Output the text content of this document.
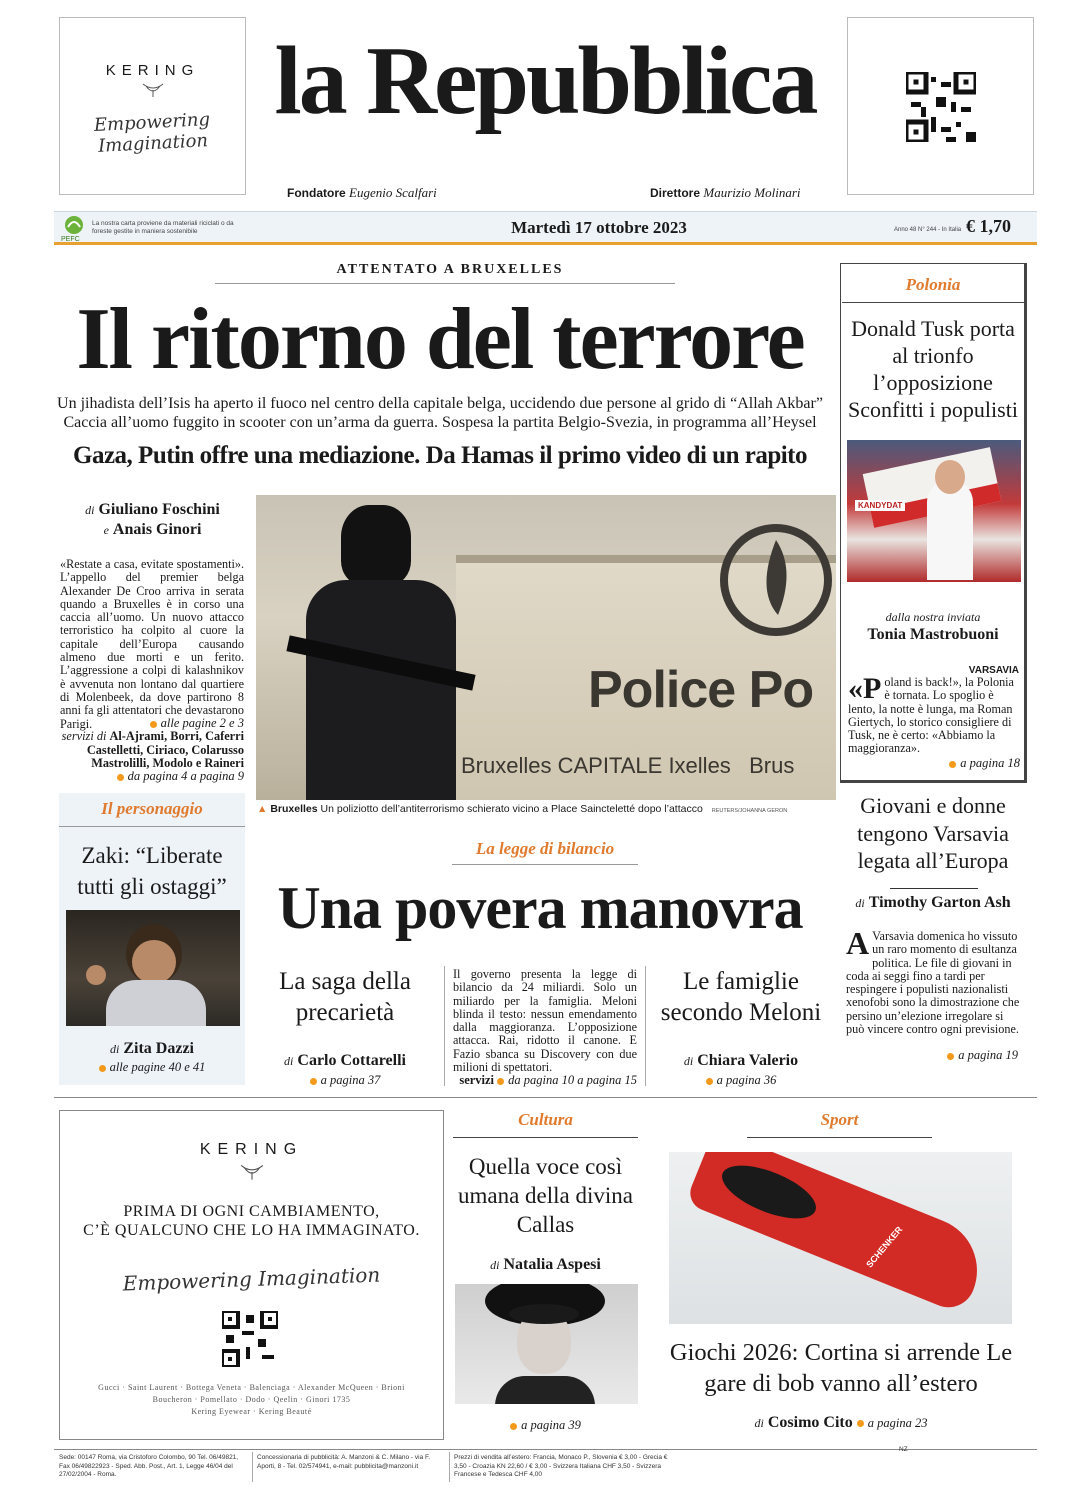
KERING
Empowering Imagination
la Repubblica
Fondatore Eugenio Scalfari	Direttore Maurizio Molinari
PEFC
La nostra carta proviene da materiali riciclati o da foreste gestite in maniera sostenibile	Martedì 17 ottobre 2023	Anno 48 N° 244 - In Italia € 1,70
ATTENTATO A BRUXELLES
Il ritorno del terrore
Un jihadista dell’Isis ha aperto il fuoco nel centro della capitale belga, uccidendo due persone al grido di “Allah Akbar”
Caccia all’uomo fuggito in scooter con un’arma da guerra. Sospesa la partita Belgio-Svezia, in programma all’Heysel
Gaza, Putin offre una mediazione. Da Hamas il primo video di un rapito
di Giuliano Foschini
e Anais Ginori
«Restate a casa, evitate spostamenti». L’appello del premier belga Alexander De Croo arriva in serata quando a Bruxelles è in corso una caccia all’uomo. Un nuovo attacco terroristico ha colpito al cuore la capitale dell’Europa causando almeno due morti e un ferito. L’aggressione a colpi di kalashnikov è avvenuta non lontano dal quartiere di Molenbeek, da dove partirono 8 anni fa gli attentatori che devastarono Parigi.	alle pagine 2 e 3
servizi di Al-Ajrami, Borri, Caferri Castelletti, Ciriaco, Colarusso Mastrolilli, Modolo e Raineri
da pagina 4 a pagina 9
Police Po
Bruxelles CAPITALE Ixelles   Brus
▲ Bruxelles Un poliziotto dell’antiterrorismo schierato vicino a Place Saincteletté dopo l’attacco REUTERS/JOHANNA GERON
Polonia
Donald Tusk porta al trionfo l’opposizione Sconfitti i populisti
KANDYDAT
dalla nostra inviata
Tonia Mastrobuoni
VARSAVIA
«P oland is back!», la Polonia è tornata. Lo spoglio è lento, la notte è lunga, ma Roman Giertych, lo storico consigliere di Tusk, ne è certo: «Abbiamo la maggioranza».
a pagina 18
Giovani e donne tengono Varsavia legata all’Europa
di Timothy Garton Ash
A Varsavia domenica ho vissuto un raro momento di esultanza politica. Le file di giovani in coda ai seggi fino a tardi per respingere i populisti nazionalisti xenofobi sono la dimostrazione che persino un’elezione irregolare si può vincere contro ogni previsione.
a pagina 19
Il personaggio
Zaki: “Liberate tutti gli ostaggi”
di Zita Dazzi
alle pagine 40 e 41
La legge di bilancio
Una povera manovra
La saga della precarietà
di Carlo Cottarelli
a pagina 37
Il governo presenta la legge di bilancio da 24 miliardi. Solo un miliardo per la famiglia. Meloni blinda il testo: nessun emendamento dalla maggioranza. L’opposizione attacca. Rai, ridotto il canone. E Fazio sbanca su Discovery con due milioni di spettatori.
servizi da pagina 10 a pagina 15
Le famiglie secondo Meloni
di Chiara Valerio
a pagina 36
KERING
PRIMA DI OGNI CAMBIAMENTO,
C’È QUALCUNO CHE LO HA IMMAGINATO.
Empowering Imagination
Gucci · Saint Laurent · Bottega Veneta · Balenciaga · Alexander McQueen · Brioni
Boucheron · Pomellato · Dodo · Qeelin · Ginori 1735
Kering Eyewear · Kering Beauté
Cultura
Quella voce così umana della divina Callas
di Natalia Aspesi
a pagina 39
Sport
SCHENKER
Giochi 2026: Cortina si arrende Le gare di bob vanno all’estero
di Cosimo Cito a pagina 23
Sede: 00147 Roma, via Cristoforo Colombo, 90 Tel. 06/49821, Fax 06/49822923 - Sped. Abb. Post., Art. 1, Legge 46/04 del 27/02/2004 - Roma.
Concessionaria di pubblicità: A. Manzoni & C. Milano - via F. Aporti, 8 - Tel. 02/574941, e-mail: pubblicita@manzoni.it
Prezzi di vendita all’estero: Francia, Monaco P., Slovenia € 3,00 - Grecia € 3,50 - Croazia KN 22,60 / € 3,00 - Svizzera Italiana CHF 3,50 - Svizzera Francese e Tedesca CHF 4,00
NZ
